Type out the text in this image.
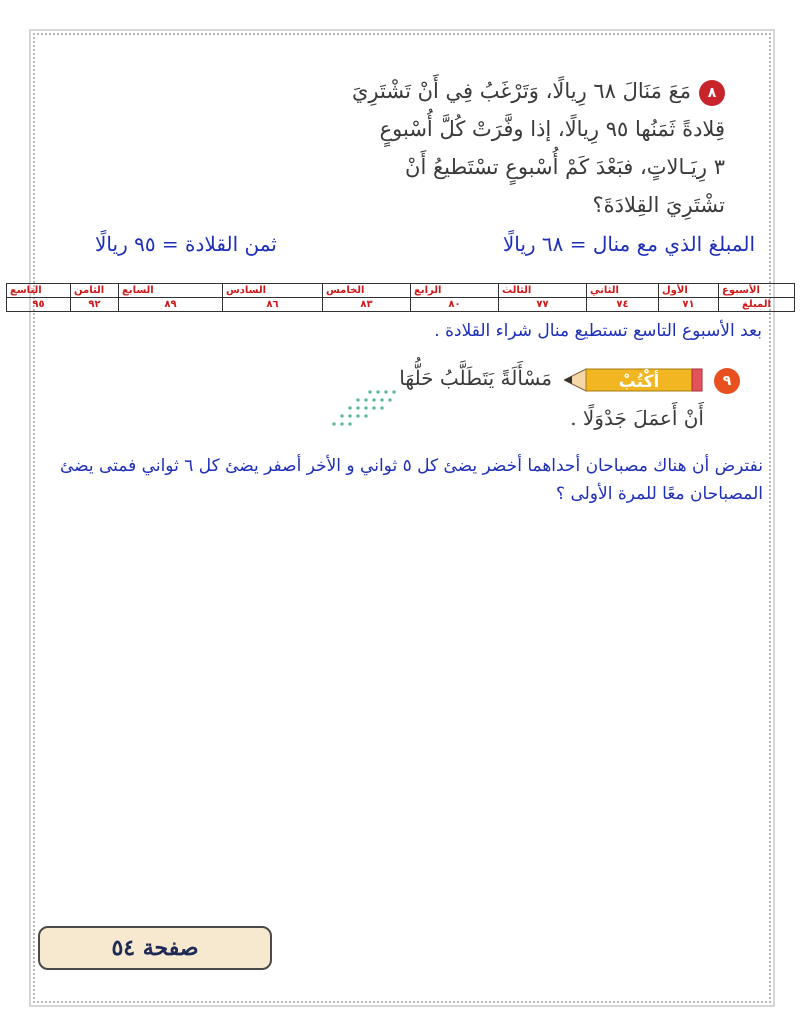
٨مَعَ مَنَالَ ٦٨ رِيالًا، وَتَرْغَبُ فِي أَنْ تَشْتَرِيَ
قِلادةً ثَمَنُها ٩٥ رِيالًا، إذا وفَّرَتْ كُلَّ أُسْبوعٍ
٣ رِيَـالاتٍ، فبَعْدَ كَمْ أُسْبوعٍ تسْتَطيعُ أَنْ
تشْتَرِيَ القِلادَةَ؟
المبلغ الذي مع منال = ٦٨ ريالًا
ثمن القلادة = ٩٥ ريالًا
الأسبوع	الأول	الثاني	الثالث	الرابع	الخامس	السادس	السابع	الثامن	التاسع
المبلغ	٧١	٧٤	٧٧	٨٠	٨٣	٨٦	٨٩	٩٢	٩٥
بعد الأسبوع التاسع تستطيع منال شراء القلادة .
٩
أكْتُبْ
مَسْأَلَةً يَتَطَلَّبُ حَلُّهَا
أَنْ أَعمَلَ جَدْوَلًا .
نفترض أن هناك مصباحان أحداهما أخضر يضئ كل ٥ ثواني و الأخر أصفر يضئ كل ٦ ثواني فمتى يضئ المصباحان معًا للمرة الأولى ؟
صفحة ٥٤
